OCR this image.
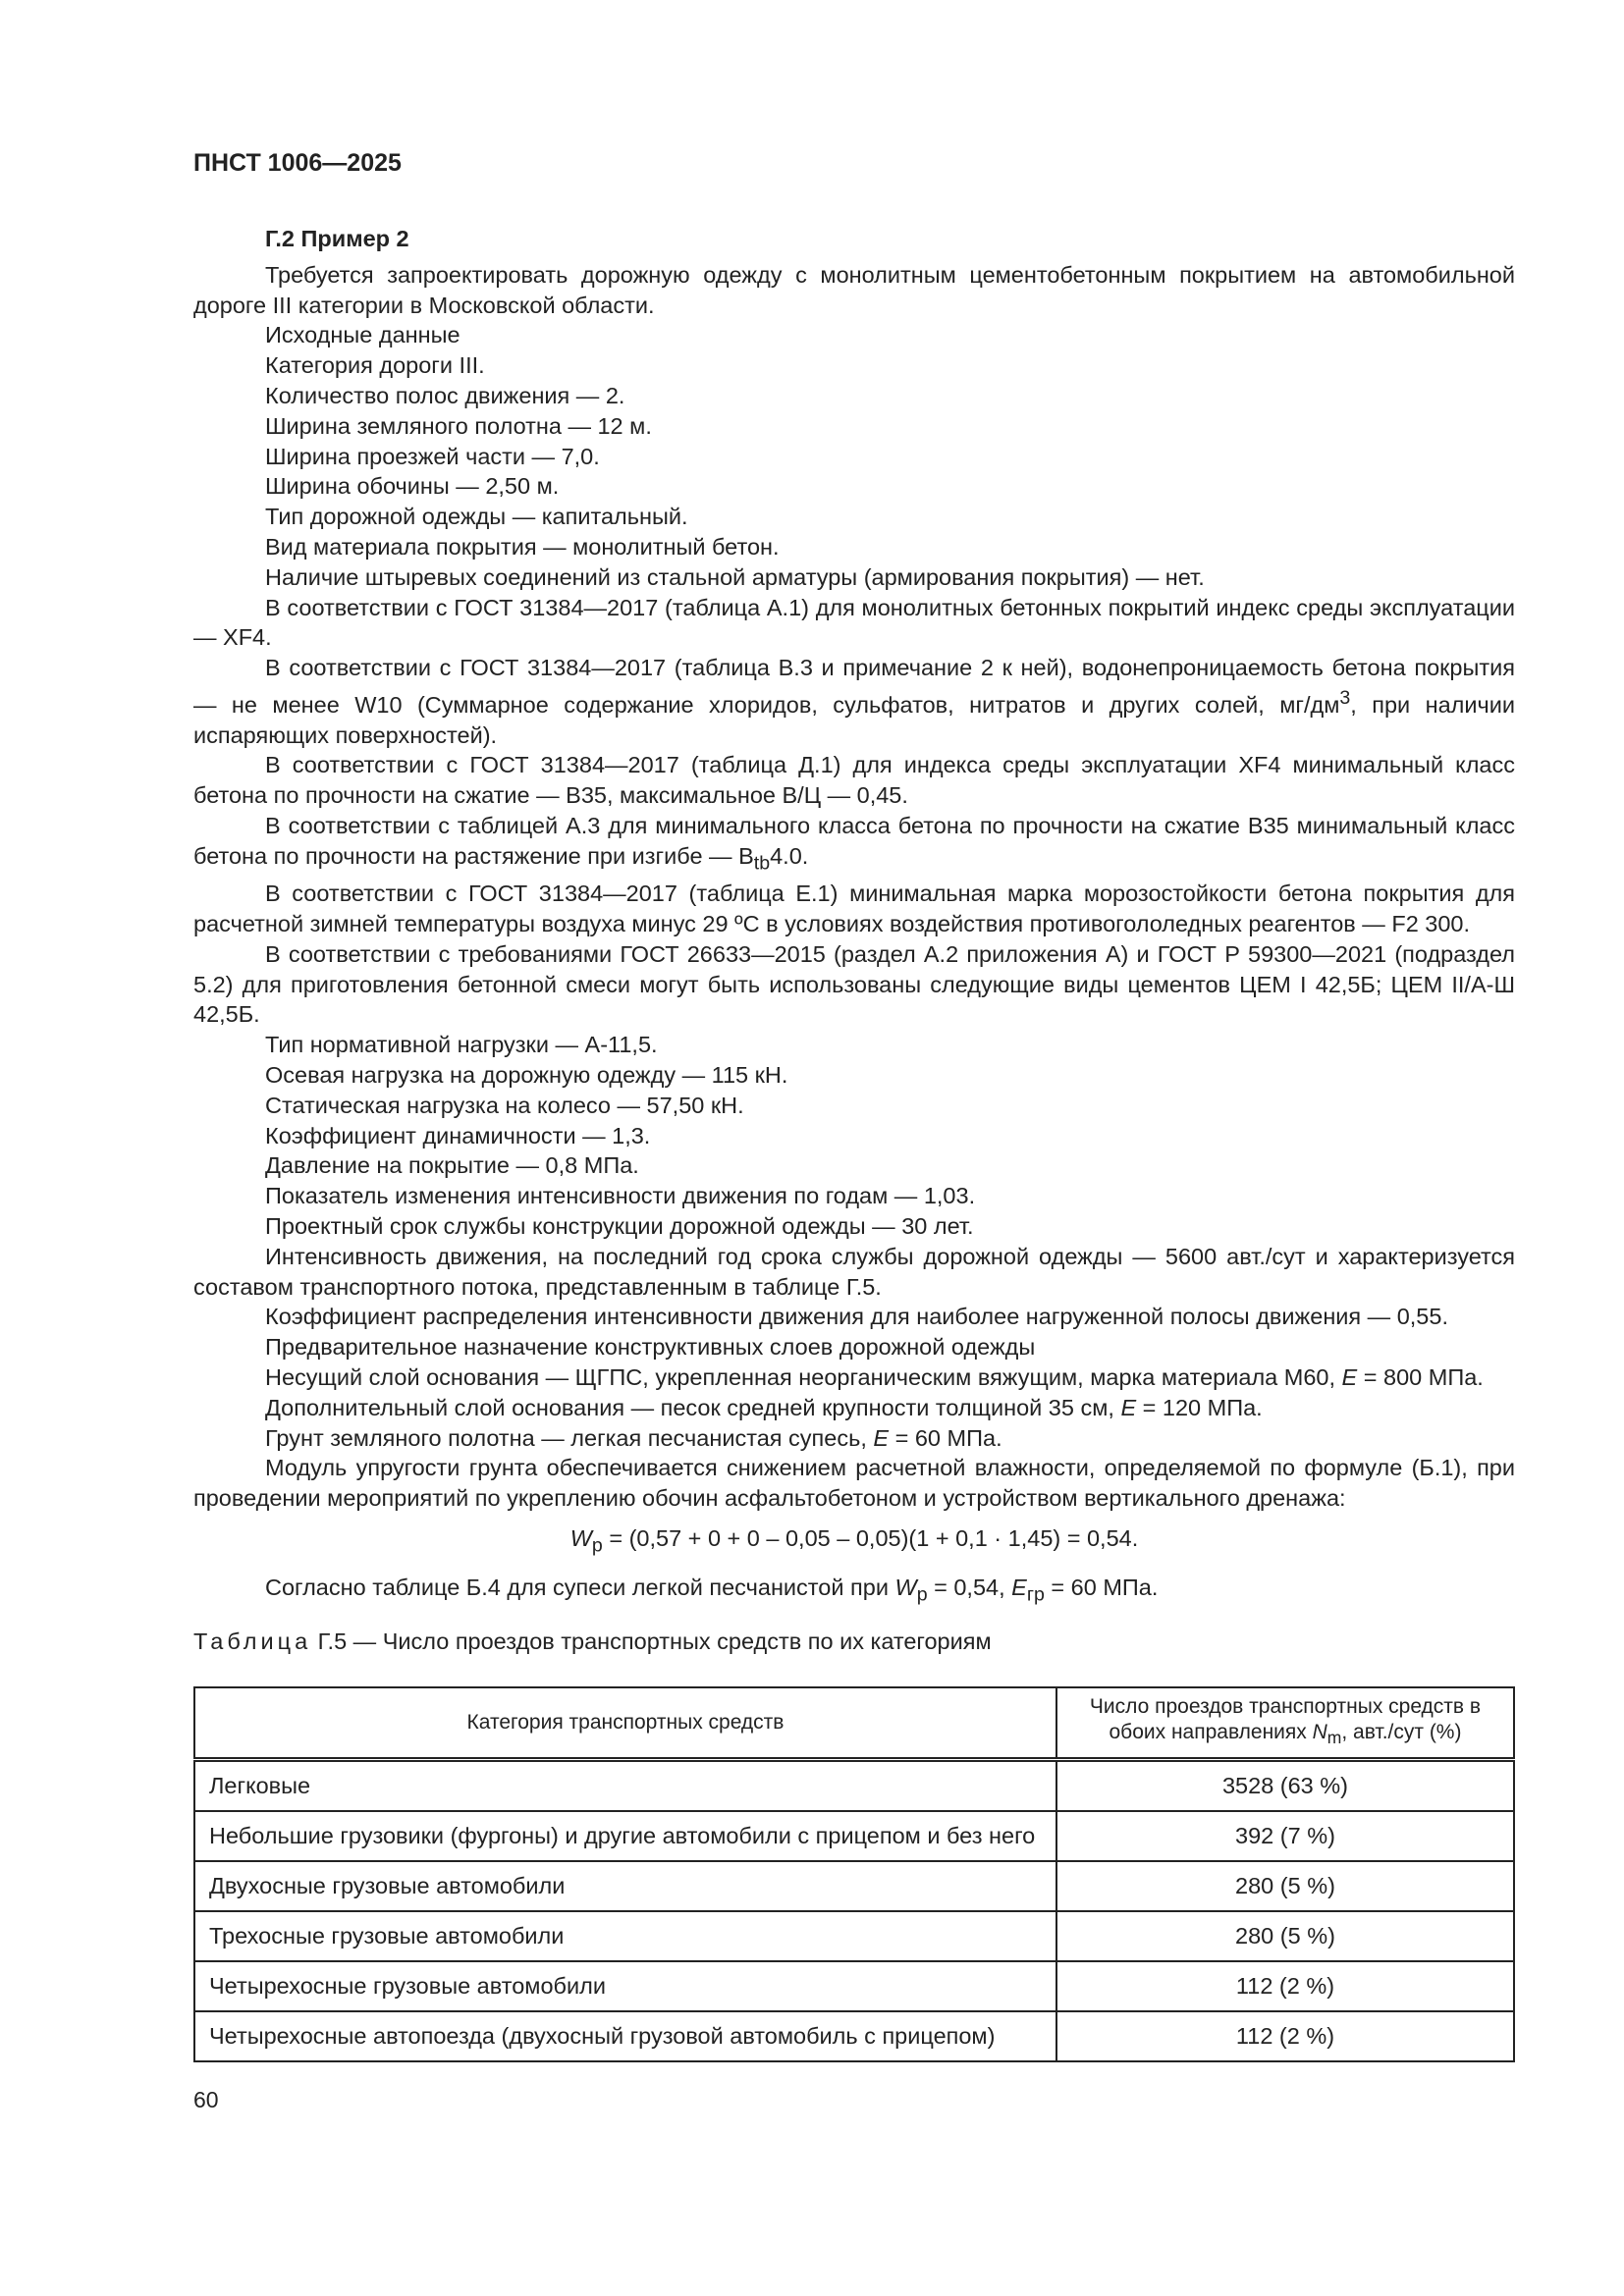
ПНСТ 1006—2025

Г.2 Пример 2

Требуется запроектировать дорожную одежду с монолитным цементобетонным покрытием на автомобильной дороге III категории в Московской области.

Исходные данные

Категория дороги III.

Количество полос движения — 2.

Ширина земляного полотна — 12 м.

Ширина проезжей части — 7,0.

Ширина обочины — 2,50 м.

Тип дорожной одежды — капитальный.

Вид материала покрытия — монолитный бетон.

Наличие штыревых соединений из стальной арматуры (армирования покрытия) — нет.

В соответствии с ГОСТ 31384—2017 (таблица А.1) для монолитных бетонных покрытий индекс среды эксплуатации — XF4.

В соответствии с ГОСТ 31384—2017 (таблица В.3 и примечание 2 к ней), водонепроницаемость бетона покрытия — не менее W10 (Суммарное содержание хлоридов, сульфатов, нитратов и других солей, $мг/дм^3$, при наличии испаряющих поверхностей).

В соответствии с ГОСТ 31384—2017 (таблица Д.1) для индекса среды эксплуатации XF4 минимальный класс бетона по прочности на сжатие — В35, максимальное В/Ц — 0,45.

В соответствии с таблицей А.3 для минимального класса бетона по прочности на сжатие В35 минимальный класс бетона по прочности на растяжение при изгибе — $В_{tb}4.0$.

В соответствии с ГОСТ 31384—2017 (таблица Е.1) минимальная марка морозостойкости бетона покрытия для расчетной зимней температуры воздуха минус 29 ºС в условиях воздействия противогололедных реагентов — F2 300.

В соответствии с требованиями ГОСТ 26633—2015 (раздел А.2 приложения А) и ГОСТ Р 59300—2021 (подраздел 5.2) для приготовления бетонной смеси могут быть использованы следующие виды цементов ЦЕМ I 42,5Б; ЦЕМ II/А-Ш 42,5Б.

Тип нормативной нагрузки — А-11,5.

Осевая нагрузка на дорожную одежду — 115 кН.

Статическая нагрузка на колесо — 57,50 кН.

Коэффициент динамичности — 1,3.

Давление на покрытие — 0,8 МПа.

Показатель изменения интенсивности движения по годам — 1,03.

Проектный срок службы конструкции дорожной одежды — 30 лет.

Интенсивность движения, на последний год срока службы дорожной одежды — 5600 авт./сут и характеризуется составом транспортного потока, представленным в таблице Г.5.

Коэффициент распределения интенсивности движения для наиболее нагруженной полосы движения — 0,55.

Предварительное назначение конструктивных слоев дорожной одежды

Несущий слой основания — ЩГПС, укрепленная неорганическим вяжущим, марка материала М60, E = 800 МПа.

Дополнительный слой основания — песок средней крупности толщиной 35 см, E = 120 МПа.

Грунт земляного полотна — легкая песчанистая супесь, E = 60 МПа.

Модуль упругости грунта обеспечивается снижением расчетной влажности, определяемой по формуле (Б.1), при проведении мероприятий по укреплению обочин асфальтобетоном и устройством вертикального дренажа:

$W_p = (0,57 + 0 + 0 - 0,05 - 0,05)(1 + 0,1 \cdot 1,45) = 0,54$.

Согласно таблице Б.4 для супеси легкой песчанистой при $W_p = 0,54$, $E_{гр} = 60$ МПа.

Таблица Г.5 — Число проездов транспортных средств по их категориям

Категория транспортных средств	Число проездов транспортных средств в обоих направлениях $N_m$, авт./сут (%)
Легковые	3528 (63 %)
Небольшие грузовики (фургоны) и другие автомобили с прицепом и без него	392 (7 %)
Двухосные грузовые автомобили	280 (5 %)
Трехосные грузовые автомобили	280 (5 %)
Четырехосные грузовые автомобили	112 (2 %)
Четырехосные автопоезда (двухосный грузовой автомобиль с прицепом)	112 (2 %)
60
